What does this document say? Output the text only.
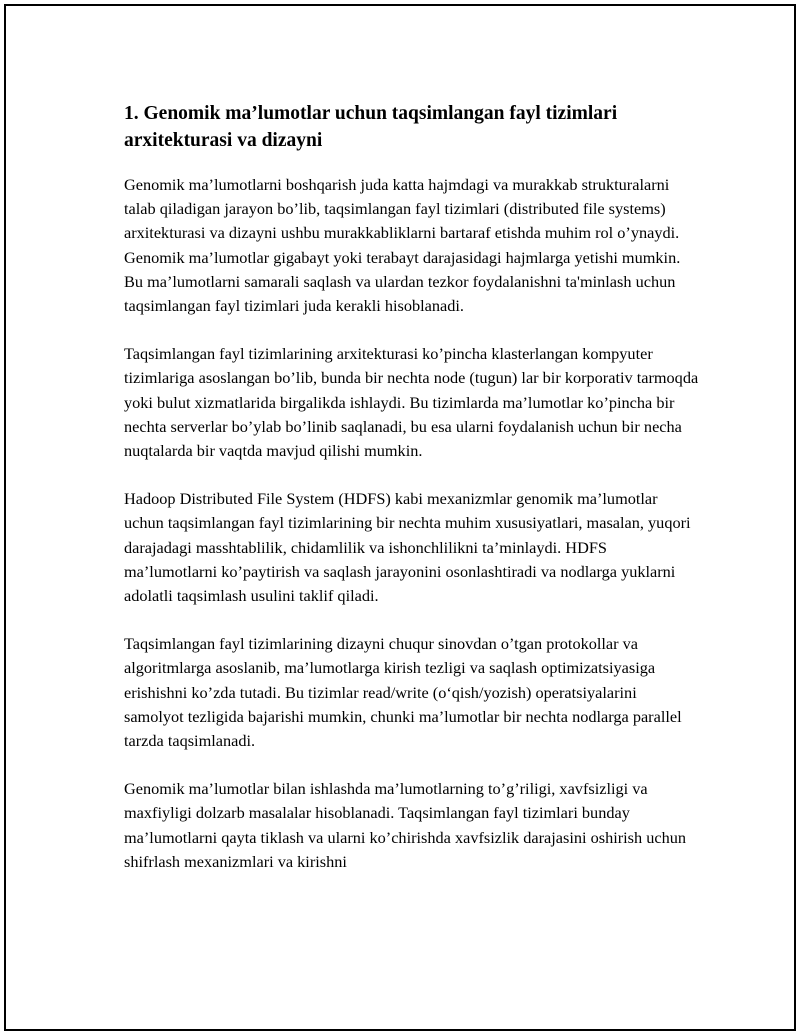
1. Genomik ma’lumotlar uchun taqsimlangan fayl tizimlari arxitekturasi va dizayni

Genomik ma’lumotlarni boshqarish juda katta hajmdagi va murakkab strukturalarni talab qiladigan jarayon bo’lib, taqsimlangan fayl tizimlari (distributed file systems) arxitekturasi va dizayni ushbu murakkabliklarni bartaraf etishda muhim rol o’ynaydi. Genomik ma’lumotlar gigabayt yoki terabayt darajasidagi hajmlarga yetishi mumkin. Bu ma’lumotlarni samarali saqlash va ulardan tezkor foydalanishni ta'minlash uchun taqsimlangan fayl tizimlari juda kerakli hisoblanadi.

Taqsimlangan fayl tizimlarining arxitekturasi ko’pincha klasterlangan kompyuter tizimlariga asoslangan bo’lib, bunda bir nechta node (tugun) lar bir korporativ tarmoqda yoki bulut xizmatlarida birgalikda ishlaydi. Bu tizimlarda ma’lumotlar ko’pincha bir nechta serverlar bo’ylab bo’linib saqlanadi, bu esa ularni foydalanish uchun bir necha nuqtalarda bir vaqtda mavjud qilishi mumkin.

Hadoop Distributed File System (HDFS) kabi mexanizmlar genomik ma’lumotlar uchun taqsimlangan fayl tizimlarining bir nechta muhim xususiyatlari, masalan, yuqori darajadagi masshtablilik, chidamlilik va ishonchlilikni ta’minlaydi. HDFS ma’lumotlarni ko’paytirish va saqlash jarayonini osonlashtiradi va nodlarga yuklarni adolatli taqsimlash usulini taklif qiladi.

Taqsimlangan fayl tizimlarining dizayni chuqur sinovdan o’tgan protokollar va algoritmlarga asoslanib, ma’lumotlarga kirish tezligi va saqlash optimizatsiyasiga erishishni ko’zda tutadi. Bu tizimlar read/write (o‘qish/yozish) operatsiyalarini samolyot tezligida bajarishi mumkin, chunki ma’lumotlar bir nechta nodlarga parallel tarzda taqsimlanadi.

Genomik ma’lumotlar bilan ishlashda ma’lumotlarning to’g’riligi, xavfsizligi va maxfiyligi dolzarb masalalar hisoblanadi. Taqsimlangan fayl tizimlari bunday ma’lumotlarni qayta tiklash va ularni ko’chirishda xavfsizlik darajasini oshirish uchun shifrlash mexanizmlari va kirishni
